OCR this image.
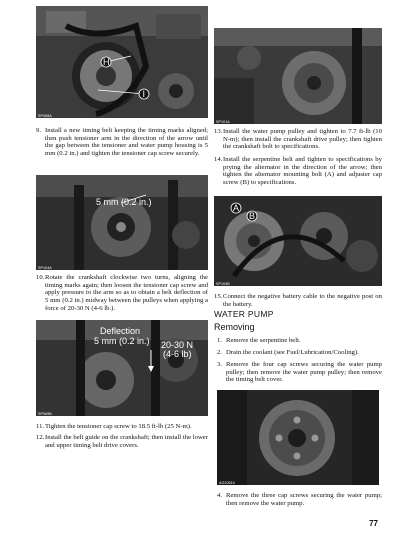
H
I
SP088A
9. Install a new timing belt keeping the timing marks aligned; then push tensioner arm in the direction of the arrow until the gap between the tensioner and water pump housing is 5 mm (0.2 in.) and tighten the tensioner cap screw securely.
5 mm (0.2 in.)
SP104A
10. Rotate the crankshaft clockwise two turns, aligning the timing marks again; then loosen the tensioner cap screw and apply pressure to the arm so as to obtain a belt deflection of 5 mm (0.2 in.) midway between the pulleys when applying a force of 20-30 N (4-6 lb.).
Deflection
5 mm (0.2 in.) 20-30 N
(4-6 lb)
SP089B
11. Tighten the tensioner cap screw to 18.5 ft-lb (25 N-m).
12. Install the belt guide on the crankshaft; then install the lower and upper timing belt drive covers.
SP101A
13. Install the water pump pulley and tighten to 7.7 ft-lb (10 N-m); then install the crankshaft drive pulley; then tighten the crankshaft bolt to specifications.
14. Install the serpentine belt and tighten to specifications by prying the alternator in the direction of the arrow; then tighten the alternator mounting bolt (A) and adjuster cap screw (B) to specifications.
A
B
SP104B
15. Connect the negative battery cable to the negative post on the battery.
WATER PUMP
Removing
1. Remove the serpentine belt.
2. Drain the coolant (see Fuel/Lubrication/Cooling).
3. Remove the four cap screws securing the water pump pulley; then remove the water pump pulley; then remove the timing belt cover.
AG20510
4. Remove the three cap screws securing the water pump; then remove the water pump.
77
